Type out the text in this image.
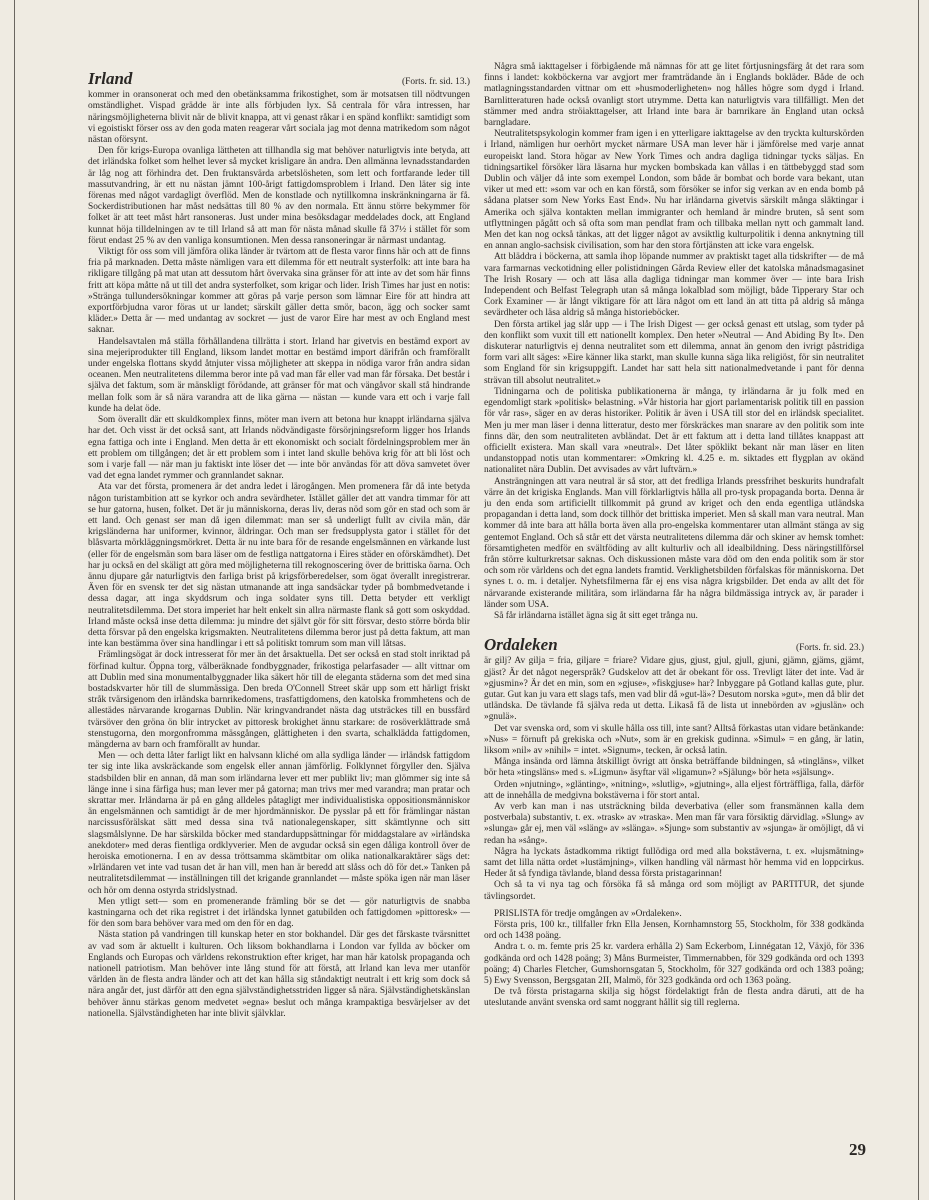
Irland	(Forts. fr. sid. 13.)

kommer in oransonerat och med den obetänksamma frikostighet, som är motsatsen till nödtvungen omständlighet. Vispad grädde är inte alls förbjuden lyx. Så centrala för våra intressen, har näringsmöjligheterna blivit när de blivit knappa, att vi genast råkar i en spänd konflikt: samtidigt som vi egoistiskt förser oss av den goda maten reagerar vårt sociala jag mot denna matrikedom som något nästan oförsynt.

Den för krigs-Europa ovanliga lättheten att tillhandla sig mat behöver naturligtvis inte betyda, att det irländska folket som helhet lever så mycket krisligare än andra. Den allmänna levnadsstandarden är låg nog att förhindra det. Den fruktansvärda arbetslösheten, som lett och fortfarande leder till massutvandring, är ett nu nästan jämnt 100-årigt fattigdomsproblem i Irland. Den läter sig inte förenas med något vardagligt överflöd. Men de konstlade och nytillkomna inskränkningarna är få. Sockerdistributionen har måst nedsättas till 80 % av den normala. Ett ännu större bekymmer för folket är att teet måst hårt ransoneras. Just under mina besöksdagar meddelades dock, att England kunnat höja tilldelningen av te till Irland så att man för nästa månad skulle få 37½ i stället för som förut endast 25 % av den vanliga konsumtionen. Men dessa ransoneringar är närmast undantag.

Viktigt för oss som vill jämföra olika länder är tvärtom att de flesta varor finns här och att de finns fria på marknaden. Detta måste nämligen vara ett dilemma för ett neutralt systerfolk: att inte bara ha rikligare tillgång på mat utan att dessutom hårt övervaka sina gränser för att inte av det som här finns fritt att köpa måtte nå ut till det andra systerfolket, som krigar och lider. Irish Times har just en notis: »Stränga tullundersökningar kommer att göras på varje person som lämnar Eire för att hindra att exportförbjudna varor föras ut ur landet; särskilt gäller detta smör, bacon, ägg och socker samt kläder.» Detta är — med undantag av sockret — just de varor Eire har mest av och England mest saknar.

Handelsavtalen må ställa förhållandena tillrätta i stort. Irland har givetvis en bestämd export av sina mejeriprodukter till England, liksom landet mottar en bestämd import därifrån och framförallt under engelska flottans skydd åtnjuter vissa möjligheter att skeppa in nödiga varor från andra sidan oceanen. Men neutralitetens dilemma beror inte på vad man får eller vad man får försaka. Det består i själva det faktum, som är mänskligt förödande, att gränser för mat och vängåvor skall stå hindrande mellan folk som är så nära varandra att de lika gärna — nästan — kunde vara ett och i varje fall kunde ha delat öde.

Som överallt där ett skuldkomplex finns, möter man ivern att betona hur knappt irländarna själva har det. Och visst är det också sant, att Irlands nödvändigaste försörjningsreform ligger hos Irlands egna fattiga och inte i England. Men detta är ett ekonomiskt och socialt fördelningsproblem mer än ett problem om tillgången; det är ett problem som i intet land skulle behöva krig för att bli löst och som i varje fall — när man ju faktiskt inte löser det — inte bör användas för att döva samvetet över vad det egna landet rymmer och grannlandet saknar.

Ata var det första, promenera är det andra ledet i lärogången. Men promenera får då inte betyda någon turistambition att se kyrkor och andra sevärdheter. Istället gäller det att vandra timmar för att se hur gatorna, husen, folket. Det är ju människorna, deras liv, deras nöd som gör en stad och som är ett land. Och genast ser man då igen dilemmat: man ser så underligt fullt av civila män, där krigsländerna har uniformer, kvinnor, äldringar. Och man ser fredsupplysta gator i stället för det blåsvarta mörkläggningsmörkret. Detta är nu inte bara för de resande engelsmännen en värkande lust (eller för de engelsmän som bara läser om de festliga nattgatorna i Eires städer en oförskämdhet). Det har ju också en del skäligt att göra med möjligheterna till rekognoscering över de brittiska öarna. Och ännu djupare går naturligtvis den farliga brist på krigsförberedelser, som ögat överallt inregistrerar. Även för en svensk ter det sig nästan utmanande att inga sandsäckar tyder på bombmedvetande i dessa dagar, att inga skyddsrum och inga soldater syns till. Detta betyder ett verkligt neutralitetsdilemma. Det stora imperiet har helt enkelt sin allra närmaste flank så gott som oskyddad. Irland måste också inse detta dilemma: ju mindre det självt gör för sitt försvar, desto större börda blir detta försvar på den engelska krigsmakten. Neutralitetens dilemma beror just på detta faktum, att man inte kan bestämma över sina handlingar i ett så politiskt tomrum som man vill låtsas.

Främlingsögat är dock intresserat för mer än det årsaktuella. Det ser också en stad stolt inriktad på förfinad kultur. Öppna torg, välberäknade fondbyggnader, frikostiga pelarfasader — allt vittnar om att Dublin med sina monumentalbyggnader lika säkert hör till de eleganta städerna som det med sina bostadskvarter hör till de slummässiga. Den breda O'Connell Street skär upp som ett härligt friskt stråk tvärsigenom den irländska barnrikedomens, trasfattigdomens, den katolska frommhetens och de allestädes närvarande krogarnas Dublin. När kringvandrandet nästa dag utsträckes till en bussfärd tvärsöver den gröna ön blir intrycket av pittoresk brokighet ännu starkare: de rosöverklättrade små stenstugorna, den morgonfromma mässgången, glättigheten i den svarta, schalklädda fattigdomen, mängderna av barn och framförallt av hundar.

Men — och detta låter farligt likt en halvsann kliché om alla sydliga länder — irländsk fattigdom ter sig inte lika avskräckande som engelsk eller annan jämförlig. Folklynnet förgyller den. Själva stadsbilden blir en annan, då man som irländarna lever ett mer publikt liv; man glömmer sig inte så länge inne i sina färfiga hus; man lever mer på gatorna; man trivs mer med varandra; man pratar och skrattar mer. Irländarna är på en gång alldeles påtagligt mer individualistiska oppositionsmänniskor än engelsmännen och samtidigt är de mer hjordmänniskor. De pysslar på ett för främlingar nästan narcissusförälskat sätt med dessa sina två nationalegenskaper, sitt skämtlynne och sitt slagsmålslynne. De har särskilda böcker med standarduppsättningar för middagstalare av »irländska anekdoter» med deras fientliga ordklyverier. Men de avgudar också sin egen dåliga kontroll över de heroiska emotionerna. I en av dessa tröttsamma skämtbitar om olika nationalkaraktärer sägs det: »Irländaren vet inte vad tusan det är han vill, men han är beredd att slåss och dö för det.» Tanken på neutralitetsdilemmat — inställningen till det krigande grannlandet — måste spöka igen när man läser och hör om denna ostyrda stridslystnad.

Men ytligt sett— som en promenerande främling bör se det — gör naturligtvis de snabba kastningarna och det rika registret i det irländska lynnet gatubilden och fattigdomen »pittoresk» — för den som bara behöver vara med om den för en dag.

Nästa station på vandringen till kunskap heter en stor bokhandel. Där ges det fårskaste tvärsnittet av vad som är aktuellt i kulturen. Och liksom bokhandlarna i London var fyllda av böcker om Englands och Europas och världens rekonstruktion efter kriget, har man här katolsk propaganda och nationell patriotism. Man behöver inte lång stund för att förstå, att Irland kan leva mer utanför världen än de flesta andra länder och att det kan hålla sig ståndaktigt neutralt i ett krig som dock så nära angår det, just därför att den egna självständighetsstriden ligger så nära. Självständighetskänslan behöver ännu stärkas genom medvetet »egna» beslut och många krampaktiga besvärjelser av det nationella. Självständigheten har inte blivit självklar.

Några små iakttagelser i förbigående må nämnas för att ge litet förtjusningsfärg åt det rara som finns i landet: kokböckerna var avgjort mer framträdande än i Englands bokläder. Både de och matlagningsstandarden vittnar om ett »husmoderligheten» nog hålles högre som dygd i Irland. Barnlitteraturen hade också ovanligt stort utrymme. Detta kan naturligtvis vara tillfälligt. Men det stämmer med andra ströiakttagelser, att Irland inte bara är barnrikare än England utan också barngladare.

Neutralitetspsykologin kommer fram igen i en ytterligare iakttagelse av den tryckta kulturskörden i Irland, nämligen hur oerhört mycket närmare USA man lever här i jämförelse med varje annat europeiskt land. Stora högar av New York Times och andra dagliga tidningar tycks säljas. En tidningsartikel försöker lära läsarna hur mycken bombskada kan vållas i en tättbebyggd stad som Dublin och väljer då inte som exempel London, som både är bombat och borde vara bekant, utan viker ut med ett: »som var och en kan förstå, som försöker se infor sig verkan av en enda bomb på sådana platser som New Yorks East End». Nu har irländarna givetvis särskilt många släktingar i Amerika och själva kontakten mellan immigranter och hemland är mindre bruten, så sent som utflyttningen pågått och så ofta som man pendlat fram och tillbaka mellan nytt och gammalt land. Men det kan nog också tänkas, att det ligger något av avsiktlig kulturpolitik i denna anknytning till en annan anglo-sachsisk civilisation, som har den stora förtjänsten att icke vara engelsk.

Att bläddra i böckerna, att samla ihop löpande nummer av praktiskt taget alla tidskrifter — de må vara farmarnas veckotidning eller polistidningen Gårda Review eller det katolska månadsmagasinet The Irish Rosary — och att läsa alla dagliga tidningar man kommer över — inte bara Irish Independent och Belfast Telegraph utan så många lokalblad som möjligt, både Tipperary Star och Cork Examiner — är långt viktigare för att lära något om ett land än att titta på aldrig så många sevärdheter och läsa aldrig så många historieböcker.

Den första artikel jag slår upp — i The Irish Digest — ger också genast ett utslag, som tyder på den konflikt som vuxit till ett nationellt komplex. Den heter »Neutral — And Abiding By It». Den diskuterar naturligtvis ej denna neutralitet som ett dilemma, annat än genom den ivrigt påstridiga form vari allt säges: »Eire känner lika starkt, man skulle kunna säga lika religiöst, för sin neutralitet som England för sin krigsuppgift. Landet har satt hela sitt nationalmedvetande i pant för denna strävan till absolut neutralitet.»

Tidningarna och de politiska publikationerna är många, ty irländarna är ju folk med en egendomligt stark »politisk» belastning. »Vår historia har gjort parlamentarisk politik till en passion för vår ras», säger en av deras historiker. Politik är även i USA till stor del en irländsk specialitet. Men ju mer man läser i denna litteratur, desto mer förskräckes man snarare av den politik som inte finns där, den som neutraliteten avbländat. Det är ett faktum att i detta land tillåtes knappast att officiellt existera. Man skall vara »neutral». Det låter spöklikt bekant när man läser en liten undanstoppad notis utan kommentarer: »Omkring kl. 4.25 e. m. siktades ett flygplan av okänd nationalitet nära Dublin. Det avvisades av vårt luftvärn.»

Ansträngningen att vara neutral är så stor, att det fredliga Irlands pressfrihet beskurits hundrafalt värre än det krigiska Englands. Man vill förklarligtvis hålla all pro-tysk propaganda borta. Denna är ju den enda som artificiellt tillkommit på grund av kriget och den enda egentliga utländska propagandan i detta land, som dock tillhör det brittiska imperiet. Men så skall man vara neutral. Man kommer då inte bara att hålla borta även alla pro-engelska kommentarer utan allmänt stänga av sig gentemot England. Och så står ett det värsta neutralitetens dilemma där och skiner av hemsk tomhet: församtigheten medför en svältföding av allt kulturliv och all idealbildning. Dess näringstillförsel från större kulturkretsar saknas. Och diskussionen måste vara död om den enda politik som är stor och som rör världens och det egna landets framtid. Verklighetsbilden förfalskas för människorna. Det synes t. o. m. i detaljer. Nyhetsfilmerna får ej ens visa några krigsbilder. Det enda av allt det för närvarande existerande militära, som irländarna får ha några bildmässiga intryck av, är parader i länder som USA.

Så får irländarna istället ägna sig åt sitt eget trånga nu.

Ordaleken	(Forts. fr. sid. 23.)

är gilj? Av gilja = fria, giljare = friare? Vidare gjus, gjust, gjul, gjull, gjuni, gjämn, gjäms, gjämt, gjäst? Är det något negerspråk? Gudskelov att det är obekant för oss. Trevligt läter det inte. Vad är »gjusmin»? Är det en min, som en »gjuse», »fiskgjuse» har? Inbyggare på Gotland kallas gute, plur. gutar. Gut kan ju vara ett slags tafs, men vad blir då »gut-lä»? Desutom norska »gut», men då blir det utländska. De tävlande få själva reda ut detta. Likaså få de lista ut innebörden av »gjuslän» och »gnulä».

Det var svenska ord, som vi skulle hålla oss till, inte sant? Alltså förkastas utan vidare betänkande: »Nus» = förnuft på grekiska och »Nut», som är en grekisk gudinna. »Simul» = en gång, är latin, liksom »nil» av »nihil» = intet. »Signum», tecken, är också latin.

Många insända ord lämna åtskilligt övrigt att önska beträffande bildningen, så »tingläns», vilket bör heta »tingsläns» med s. »Ligmun» äsyftar väl »ligamun»? »Själung» bör heta »själsung».

Orden »njutning», »glänting», »nitning», »slutlig», »gjutning», alla eljest förträffliga, falla, därför att de innehålla de medgivna bokstäverna i för stort antal.

Av verb kan man i nas utsträckning bilda deverbativa (eller som fransmännen kalla dem postverbala) substantiv, t. ex. »trask» av »traska». Men man får vara försiktig därvidlag. »Slung» av »slunga» går ej, men väl »släng» av »slänga». »Sjung» som substantiv av »sjunga» är omöjligt, då vi redan ha »sång».

Några ha lyckats åstadkomma riktigt fullödiga ord med alla bokstäverna, t. ex. »lujsmätning» samt det lilla nätta ordet »lustämjning», vilken handling väl närmast hör hemma vid en loppcirkus. Heder åt så fyndiga tävlande, bland dessa första pristagarinnan!

Och så ta vi nya tag och försöka få så många ord som möjligt av PARTITUR, det sjunde tävlingsordet.

PRISLISTA för tredje omgången av »Ordaleken».

Första pris, 100 kr., tillfaller frkn Ella Jensen, Kornhamnstorg 55, Stockholm, för 338 godkända ord och 1438 poäng.

Andra t. o. m. femte pris 25 kr. vardera erhålla 2) Sam Eckerbom, Linnégatan 12, Växjö, för 336 godkända ord och 1428 poäng; 3) Måns Burmeister, Timmernabben, för 329 godkända ord och 1393 poäng; 4) Charles Fletcher, Gumshornsgatan 5, Stockholm, för 327 godkända ord och 1383 poäng; 5) Ewy Svensson, Bergsgatan 2II, Malmö, för 323 godkända ord och 1363 poäng.

De två första pristagarna skilja sig högst fördelaktigt från de flesta andra däruti, att de ha uteslutande använt svenska ord samt noggrant hållit sig till reglerna.

29
